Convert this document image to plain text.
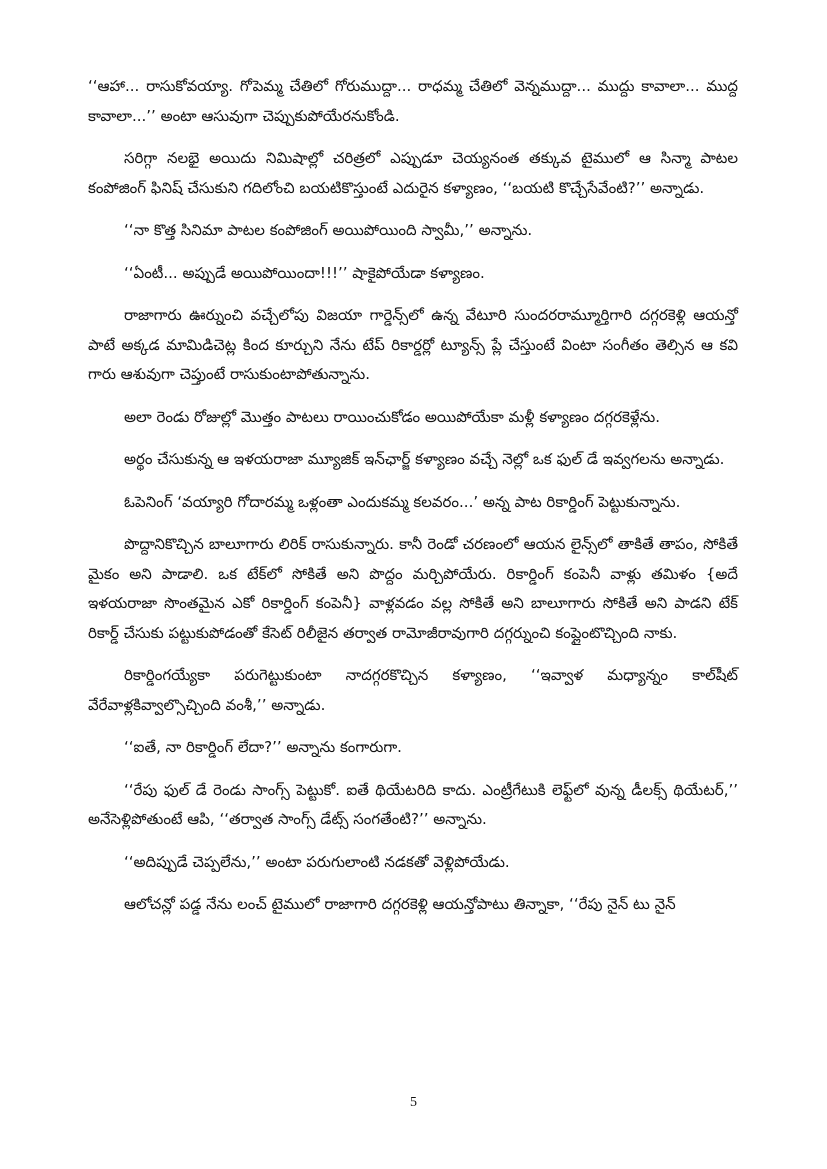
‘‘ఆహా... రాసుకోవయ్యా. గోపెమ్మ చేతిలో గోరుముద్దా... రాధమ్మ చేతిలో వెన్నముద్దా... ముద్దు కావాలా... ముద్ద కావాలా...’’ అంటా ఆసువుగా చెప్పుకుపోయేరనుకోండి.

సరిగ్గా నలభై అయిదు నిమిషాల్లో చరిత్రలో ఎప్పుడూ చెయ్యనంత తక్కువ టైములో ఆ సిన్మా పాటల కంపోజింగ్ ఫినిష్ చేసుకుని గదిలోంచి బయటికొస్తుంటే ఎదురైన కళ్యాణం, ‘‘బయటి కొచ్చేసేవేంటి?’’ అన్నాడు.

‘‘నా కొత్త సినిమా పాటల కంపోజింగ్ అయిపోయింది స్వామీ,’’ అన్నాను.

‘‘ఏంటీ... అప్పుడే అయిపోయిందా!!!’’ షాకైపోయేడా కళ్యాణం.

రాజాగారు ఊర్నుంచి వచ్చేలోపు విజయా గార్డెన్స్‌లో ఉన్న వేటూరి సుందరరామ్మూర్తిగారి దగ్గరకెళ్లి ఆయన్తో పాటే అక్కడ మామిడిచెట్ల కింద కూర్చుని నేను టేప్ రికార్డర్లో ట్యూన్స్ ప్లే చేస్తుంటే వింటా సంగీతం తెల్సిన ఆ కవి గారు ఆశువుగా చెప్తుంటే రాసుకుంటాపోతున్నాను.

అలా రెండు రోజుల్లో మొత్తం పాటలు రాయించుకోడం అయిపోయేకా మళ్లీ కళ్యాణం దగ్గరకెళ్లేను.

అర్థం చేసుకున్న ఆ ఇళయరాజా మ్యూజిక్ ఇన్‌ఛార్జ్ కళ్యాణం వచ్చే నెల్లో ఒక ఫుల్ డే ఇవ్వగలను అన్నాడు.

ఓపెనింగ్ ‘వయ్యారి గోదారమ్మ ఒళ్లంతా ఎందుకమ్మ కలవరం...’ అన్న పాట రికార్డింగ్ పెట్టుకున్నాను.

పొద్దానికొచ్చిన బాలూగారు లిరిక్ రాసుకున్నారు. కానీ రెండో చరణంలో ఆయన లైన్స్‌లో తాకితే తాపం, సోకితే మైకం అని పాడాలి. ఒక టేక్‌లో సోకితే అని పొద్దం మర్చిపోయేరు. రికార్డింగ్ కంపెనీ వాళ్లు తమిళం {అదే ఇళయరాజా సొంతమైన ఎకో రికార్డింగ్ కంపెనీ} వాళ్లవడం వల్ల సోకితే అని బాలూగారు సోకితే అని పాడని టేక్ రికార్డ్ చేసుకు పట్టుకుపోడంతో కేసెట్ రిలీజైన తర్వాత రామోజీరావుగారి దగ్గర్నుంచి కంప్లైంటొచ్చింది నాకు.

రికార్డింగయ్యేకా పరుగెట్టుకుంటా నాదగ్గరకొచ్చిన కళ్యాణం, ‘‘ఇవ్వాళ మధ్యాన్నం కాల్‌షీట్ వేరేవాళ్లకివ్వాల్సొచ్చింది వంశీ,’’ అన్నాడు.

‘‘ఐతే, నా రికార్డింగ్ లేదా?’’ అన్నాను కంగారుగా.

‘‘రేపు ఫుల్ డే రెండు సాంగ్స్ పెట్టుకో. ఐతే థియేటరిది కాదు. ఎంట్రీగేటుకి లెఫ్ట్‌లో వున్న డీలక్స్ థియేటర్,’’ అనేసెళ్లిపోతుంటే ఆపి, ‘‘తర్వాత సాంగ్స్ డేట్స్ సంగతేంటి?’’ అన్నాను.

‘‘అదిప్పుడే చెప్పలేను,’’ అంటా పరుగులాంటి నడకతో వెళ్లిపోయేడు.

ఆలోచన్లో పడ్డ నేను లంచ్ టైములో రాజాగారి దగ్గరకెళ్లి ఆయన్తోపాటు తిన్నాకా, ‘‘రేపు నైన్ టు నైన్

5
